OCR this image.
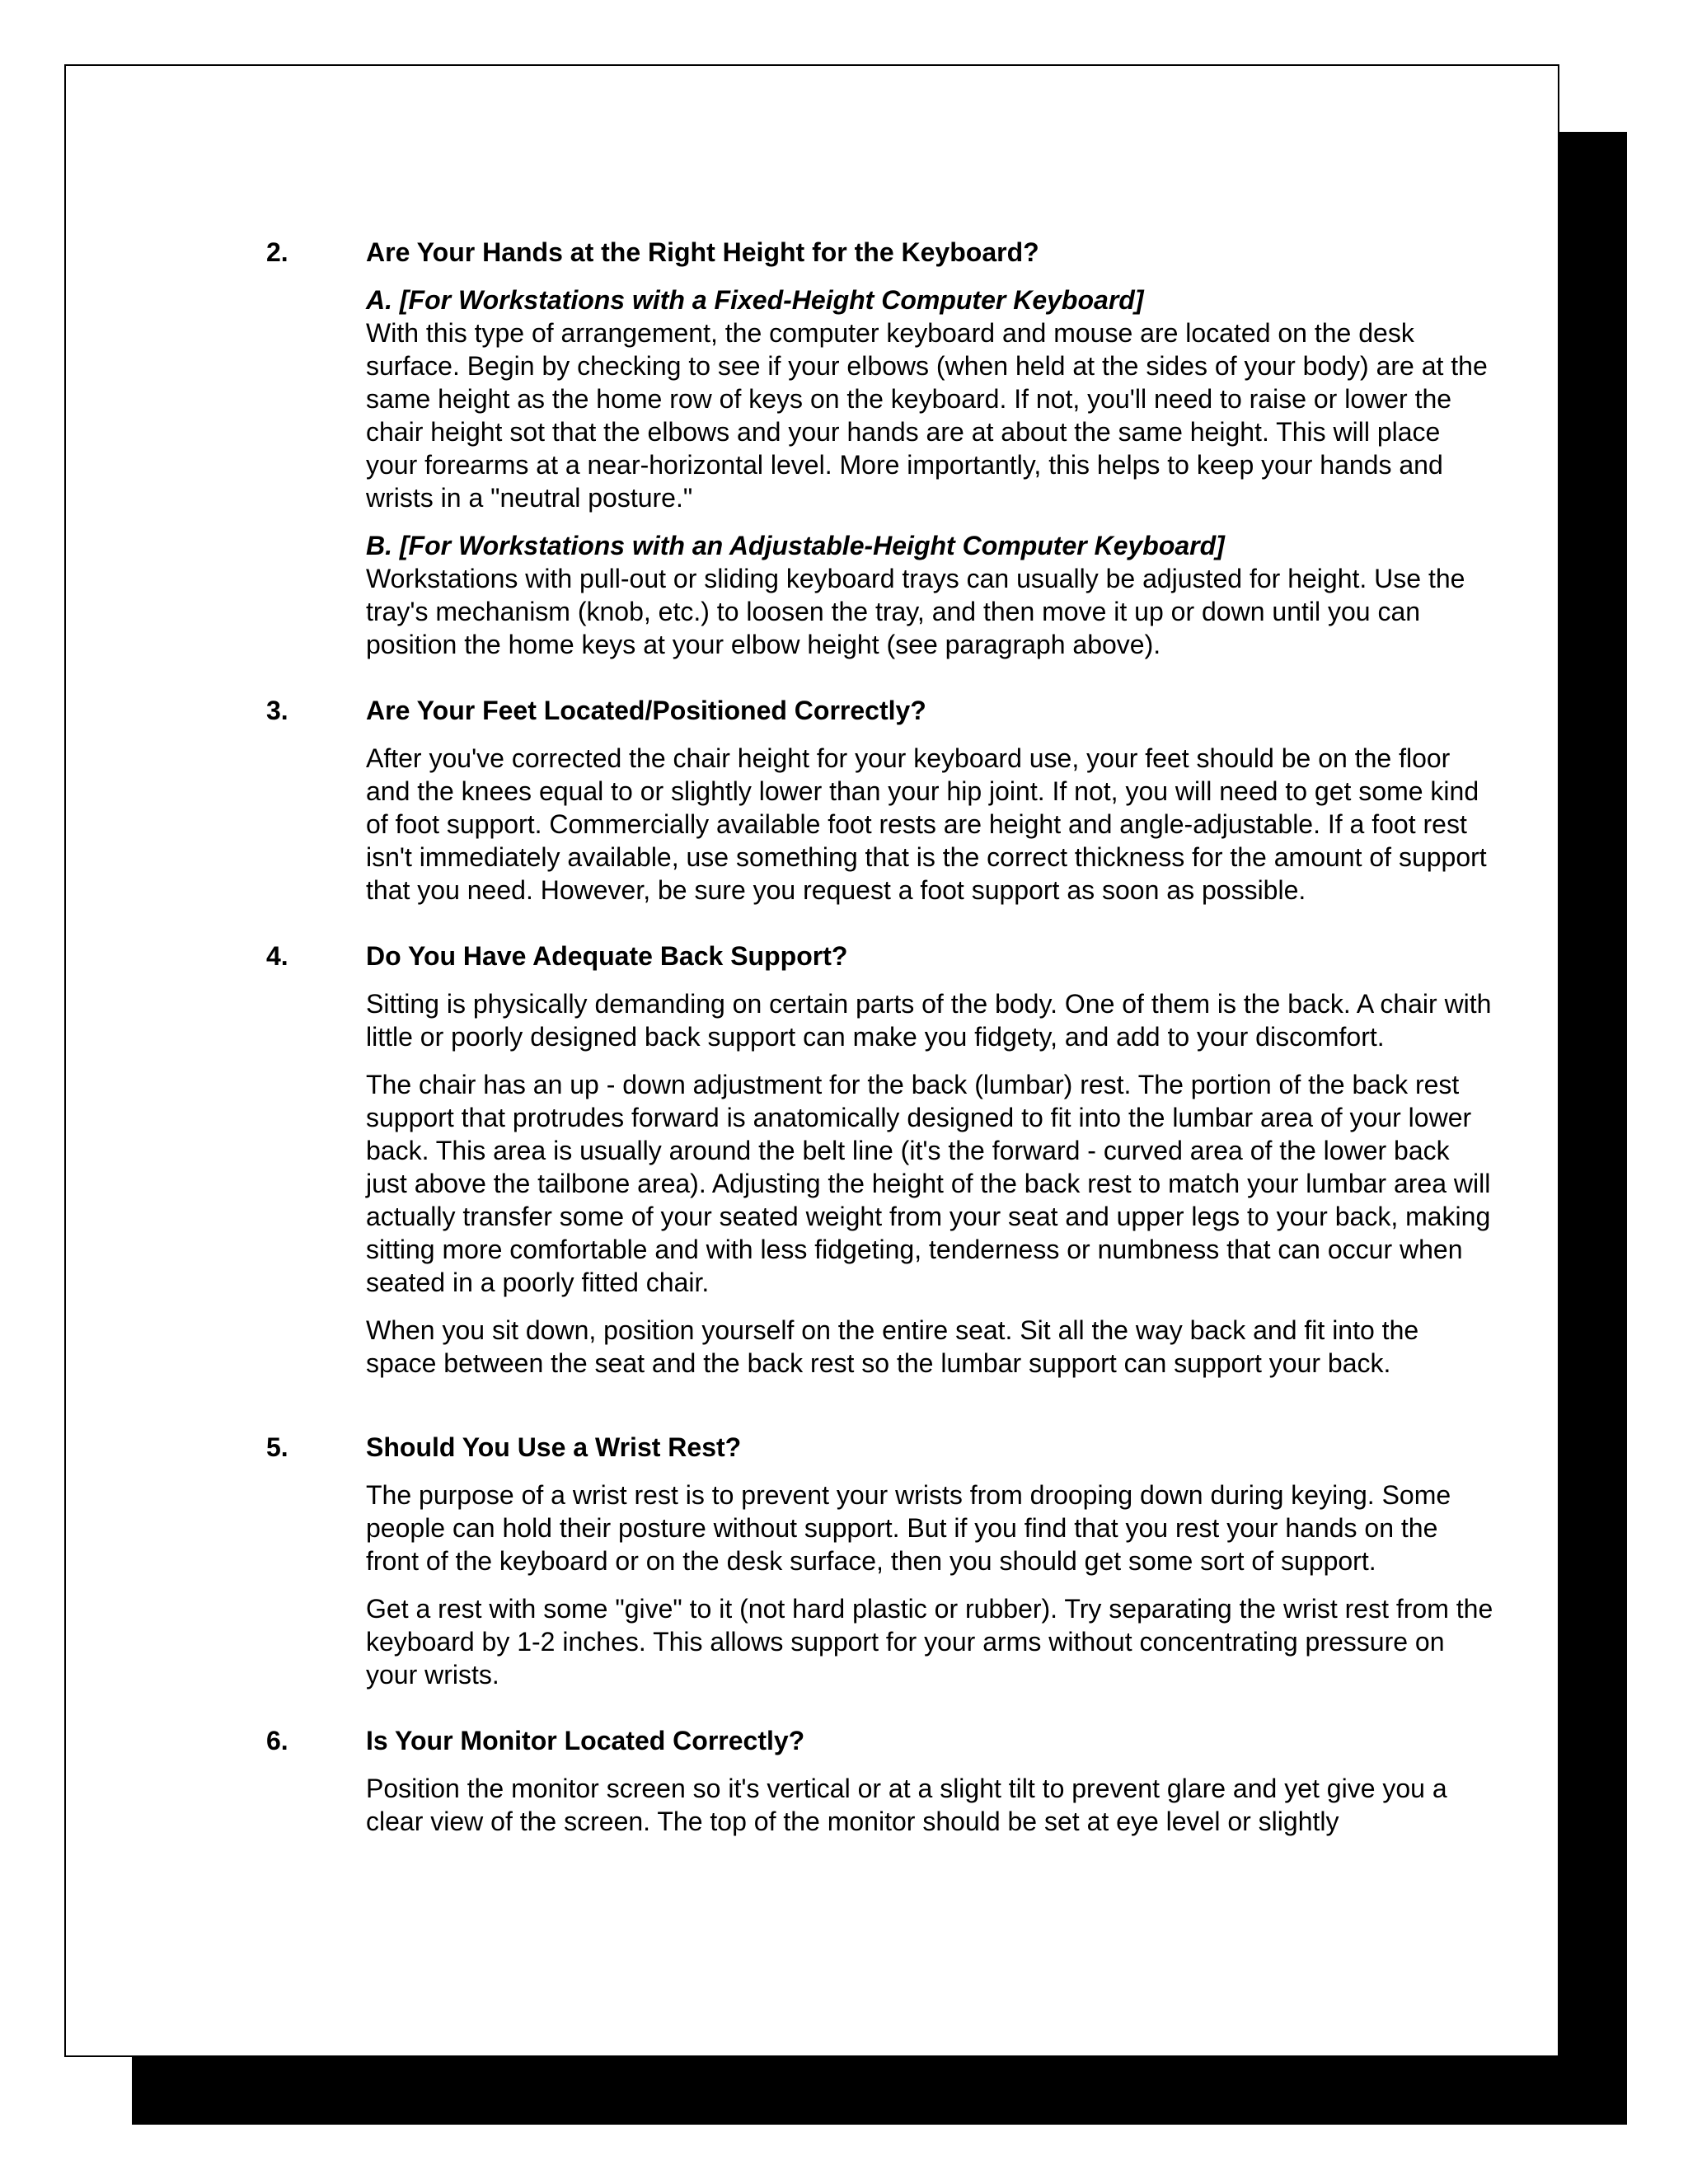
2.	Are Your Hands at the Right Height for the Keyboard?
A. [For Workstations with a Fixed-Height Computer Keyboard]

With this type of arrangement, the computer keyboard and mouse are located on the desk surface. Begin by checking to see if your elbows (when held at the sides of your body) are at the same height as the home row of keys on the keyboard. If not, you'll need to raise or lower the chair height sot that the elbows and your hands are at about the same height. This will place your forearms at a near-horizontal level. More importantly, this helps to keep your hands and wrists in a "neutral posture."

B. [For Workstations with an Adjustable-Height Computer Keyboard]

Workstations with pull-out or sliding keyboard trays can usually be adjusted for height. Use the tray's mechanism (knob, etc.) to loosen the tray, and then move it up or down until you can position the home keys at your elbow height (see paragraph above).

3.	Are Your Feet Located/Positioned Correctly?

After you've corrected the chair height for your keyboard use, your feet should be on the floor and the knees equal to or slightly lower than your hip joint. If not, you will need to get some kind of foot support. Commercially available foot rests are height and angle-adjustable. If a foot rest isn't immediately available, use something that is the correct thickness for the amount of support that you need. However, be sure you request a foot support as soon as possible.

4.	Do You Have Adequate Back Support?

Sitting is physically demanding on certain parts of the body. One of them is the back. A chair with little or poorly designed back support can make you fidgety, and add to your discomfort.

The chair has an up - down adjustment for the back (lumbar) rest. The portion of the back rest support that protrudes forward is anatomically designed to fit into the lumbar area of your lower back. This area is usually around the belt line (it's the forward - curved area of the lower back just above the tailbone area). Adjusting the height of the back rest to match your lumbar area will actually transfer some of your seated weight from your seat and upper legs to your back, making sitting more comfortable and with less fidgeting, tenderness or numbness that can occur when seated in a poorly fitted chair.

When you sit down, position yourself on the entire seat. Sit all the way back and fit into the space between the seat and the back rest so the lumbar support can support your back.

5.	Should You Use a Wrist Rest?

The purpose of a wrist rest is to prevent your wrists from drooping down during keying. Some people can hold their posture without support. But if you find that you rest your hands on the front of the keyboard or on the desk surface, then you should get some sort of support.

Get a rest with some "give" to it (not hard plastic or rubber). Try separating the wrist rest from the keyboard by 1-2 inches. This allows support for your arms without concentrating pressure on your wrists.

6.	Is Your Monitor Located Correctly?

Position the monitor screen so it's vertical or at a slight tilt to prevent glare and yet give you a clear view of the screen. The top of the monitor should be set at eye level or slightly
